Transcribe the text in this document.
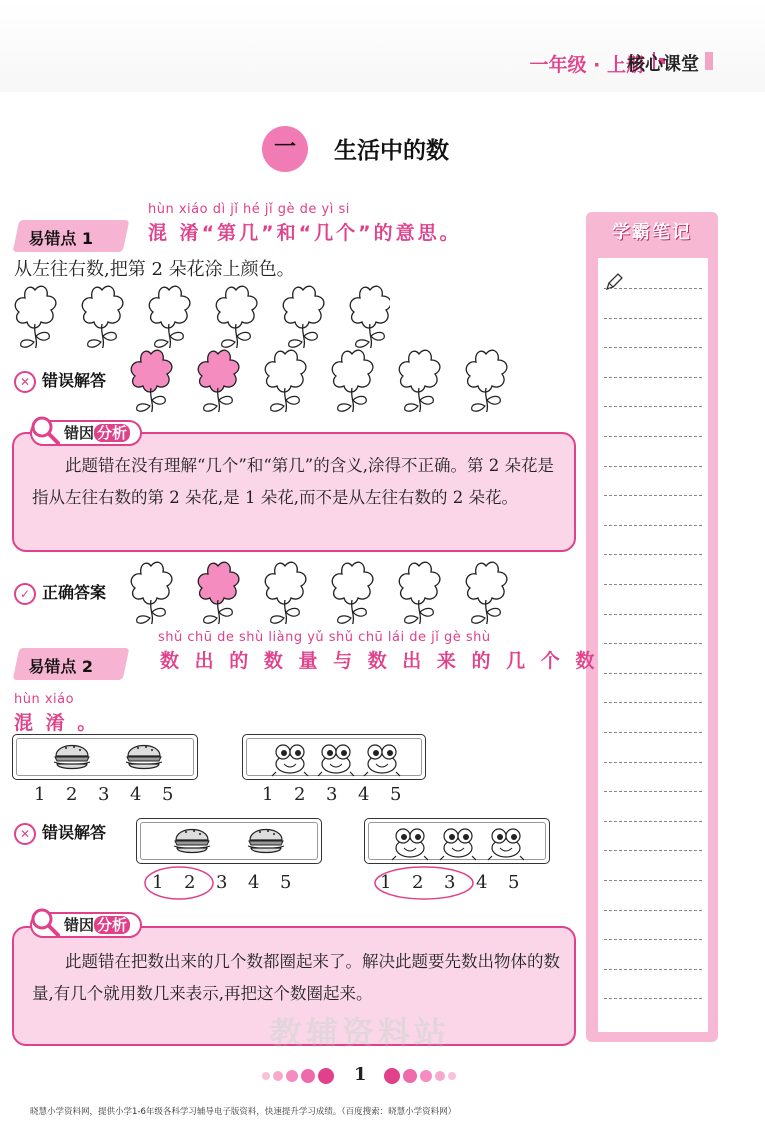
一年级 · 上册
核心课堂
一	生活中的数
学霸笔记
易错点 1
hùn xiáo dì jǐ hé jǐ gè de yì si
混 淆“第几”和“几个”的意思。
从左往右数,把第 2 朵花涂上颜色。
✕ 错误解答
此题错在没有理解“几个”和“第几”的含义,涂得不正确。第 2 朵花是指从左往右数的第 2 朵花,是 1 朵花,而不是从左往右数的 2 朵花。
错因 分析
✓ 正确答案
易错点 2
shǔ chū de shù liàng yǔ shǔ chū lái de jǐ gè shù
数 出 的 数 量 与 数 出 来 的 几 个 数
hùn xiáo
混 淆 。
1 2 3 4 5	1 2 3 4 5
✕ 错误解答
1 2 3 4 5	1 2 3 4 5
此题错在把数出来的几个数都圈起来了。解决此题要先数出物体的数量,有几个就用数几来表示,再把这个数圈起来。
错因 分析
教辅资料站
1
晓慧小学资料网，提供小学1-6年级各科学习辅导电子版资料，快速提升学习成绩。（百度搜索：晓慧小学资料网）
